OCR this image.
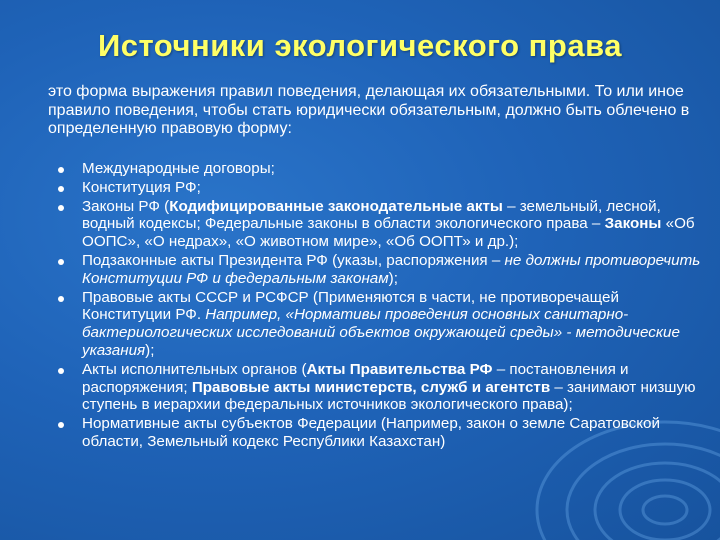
Источники экологического права

это форма выражения правил поведения, делающая их обязательными. То или иное правило поведения, чтобы стать юридически обязательным, должно быть облечено в определенную правовую форму:

Международные договоры;
Конституция РФ;
Законы РФ (Кодифицированные законодательные акты – земельный, лесной, водный кодексы; Федеральные законы в области экологического права – Законы «Об ООПС», «О недрах», «О животном мире», «Об ООПТ» и др.);
Подзаконные акты Президента РФ (указы, распоряжения – не должны противоречить Конституции РФ и федеральным законам);
Правовые акты СССР и РСФСР (Применяются в части, не противоречащей Конституции РФ. Например, «Нормативы проведения основных санитарно-бактериологических исследований объектов окружающей среды» - методические указания);
Акты исполнительных органов (Акты Правительства РФ – постановления и распоряжения; Правовые акты министерств, служб и агентств – занимают низшую ступень в иерархии федеральных источников экологического права);
Нормативные акты субъектов Федерации (Например, закон о земле Саратовской области, Земельный кодекс Республики Казахстан)
